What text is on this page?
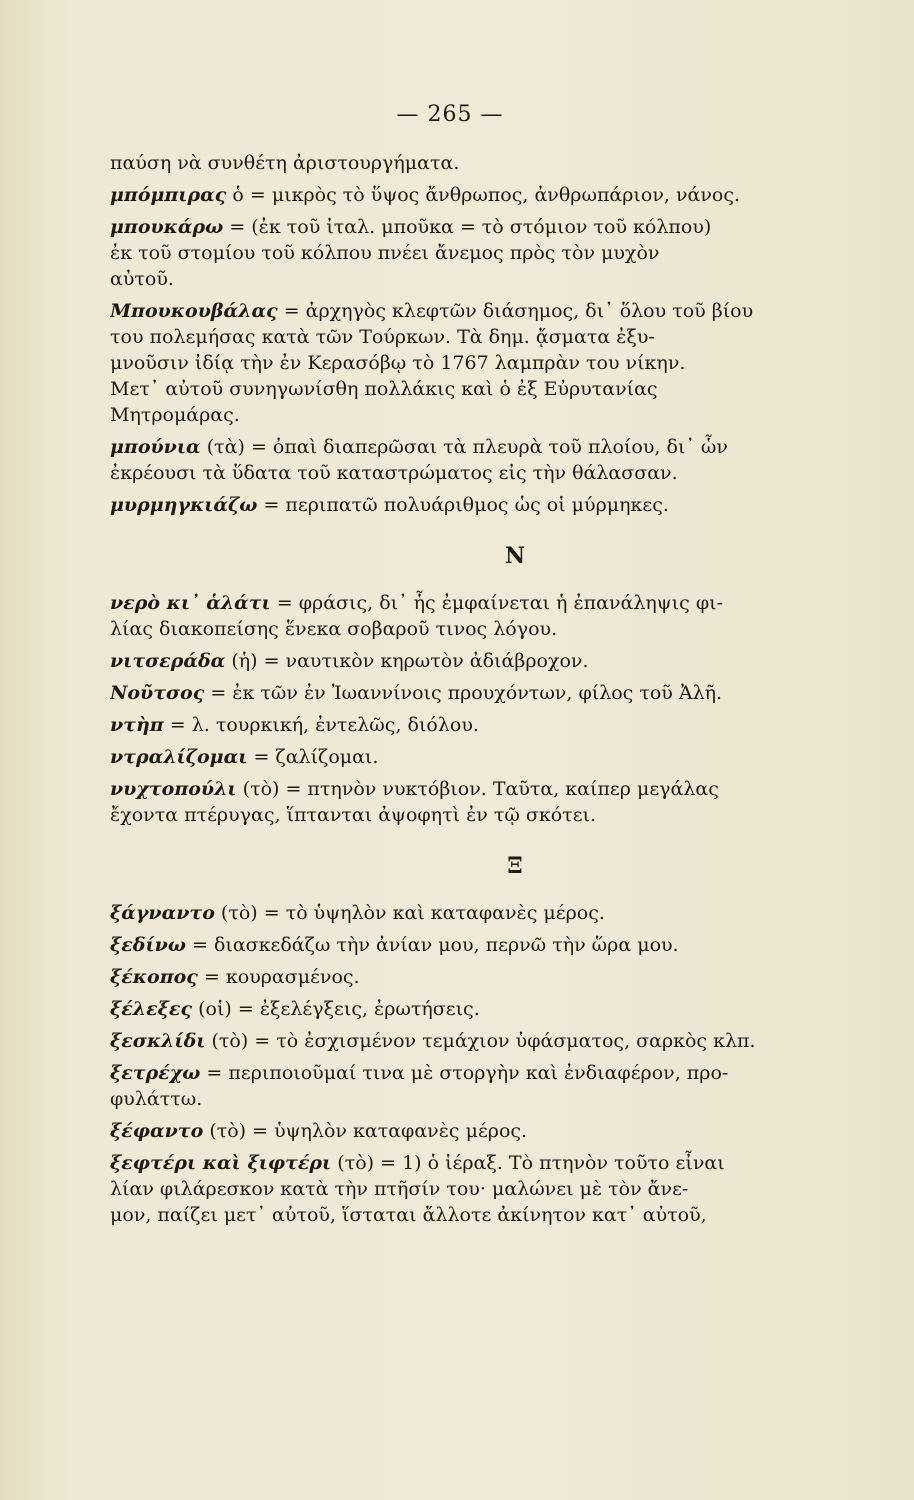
— 265 —
παύση νὰ συνθέτη ἀριστουργήματα.
μπόμπιρας ὁ = μικρὸς τὸ ὕψος ἄνθρωπος, ἀνθρωπάριον, νάνος.
μπουκάρω = (ἐκ τοῦ ἰταλ. μποῦκα = τὸ στόμιον τοῦ κόλπου)
ἐκ τοῦ στομίου τοῦ κόλπου πνέει ἄνεμος πρὸς τὸν μυχὸν
αὐτοῦ.
Μπουκουβάλας = ἀρχηγὸς κλεφτῶν διάσημος, δι᾿ ὅλου τοῦ βίου
του πολεμήσας κατὰ τῶν Τούρκων. Τὰ δημ. ᾄσματα ἐξυ-
μνοῦσιν ἰδίᾳ τὴν ἐν Κερασόβῳ τὸ 1767 λαμπρὰν του νίκην.
Μετ᾿ αὐτοῦ συνηγωνίσθη πολλάκις καὶ ὁ ἐξ Εὐρυτανίας
Μητρομάρας.
μπούνια (τὰ) = ὀπαὶ διαπερῶσαι τὰ πλευρὰ τοῦ πλοίου, δι᾿ ὧν
ἐκρέουσι τὰ ὕδατα τοῦ καταστρώματος εἰς τὴν θάλασσαν.
μυρμηγκιάζω = περιπατῶ πολυάριθμος ὡς οἱ μύρμηκες.
Ν
νερὸ κι᾿ ἁλάτι = φράσις, δι᾿ ἧς ἐμφαίνεται ἡ ἐπανάληψις φι-
λίας διακοπείσης ἕνεκα σοβαροῦ τινος λόγου.
νιτσεράδα (ἡ) = ναυτικὸν κηρωτὸν ἀδιάβροχον.
Νοῦτσος = ἐκ τῶν ἐν Ἰωαννίνοις προυχόντων, φίλος τοῦ Ἀλῆ.
ντὴπ = λ. τουρκική, ἐντελῶς, διόλου.
ντραλίζομαι = ζαλίζομαι.
νυχτοπούλι (τὸ) = πτηνὸν νυκτόβιον. Ταῦτα, καίπερ μεγάλας
ἔχοντα πτέρυγας, ἵπτανται ἀψοφητὶ ἐν τῷ σκότει.
Ξ
ξάγναντο (τὸ) = τὸ ὑψηλὸν καὶ καταφανὲς μέρος.
ξεδίνω = διασκεδάζω τὴν ἀνίαν μου, περνῶ τὴν ὥρα μου.
ξέκοπος = κουρασμένος.
ξέλεξες (οἱ) = ἐξελέγξεις, ἐρωτήσεις.
ξεσκλίδι (τὸ) = τὸ ἐσχισμένον τεμάχιον ὑφάσματος, σαρκὸς κλπ.
ξετρέχω = περιποιοῦμαί τινα μὲ στοργὴν καὶ ἐνδιαφέρον, προ-
φυλάττω.
ξέφαντο (τὸ) = ὑψηλὸν καταφανὲς μέρος.
ξεφτέρι καὶ ξιφτέρι (τὸ) = 1) ὁ ἱέραξ. Τὸ πτηνὸν τοῦτο εἶναι
λίαν φιλάρεσκον κατὰ τὴν πτῆσίν του· μαλώνει μὲ τὸν ἄνε-
μον, παίζει μετ᾿ αὐτοῦ, ἵσταται ἄλλοτε ἀκίνητον κατ᾿ αὐτοῦ,
